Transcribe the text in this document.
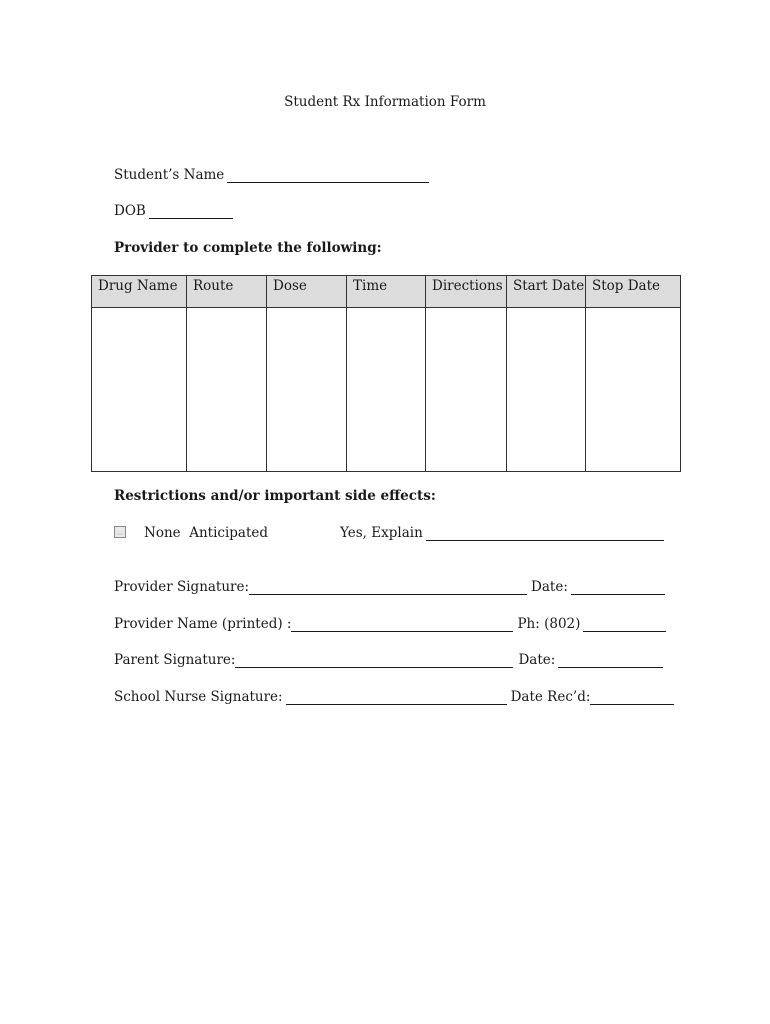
Student Rx Information Form
Student’s Name
DOB
Provider to complete the following:
Drug Name	Route	Dose	Time	Directions	Start Date	Stop Date

Restrictions and/or important side effects:
None  Anticipated	Yes, Explain
Provider Signature:	Date:
Provider Name (printed) :	Ph: (802)
Parent Signature:	Date:
School Nurse Signature:	Date Rec’d:
